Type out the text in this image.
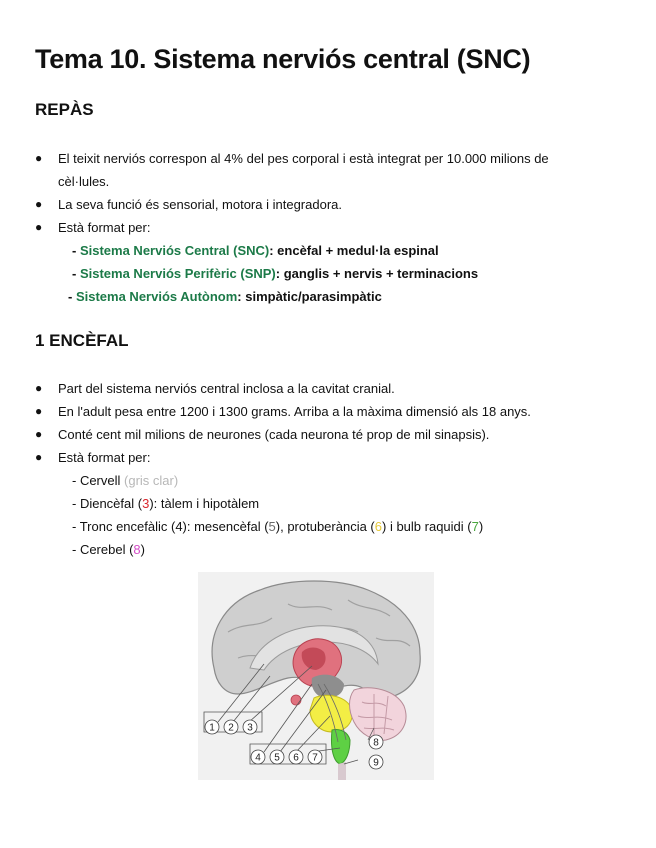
Tema 10. Sistema nerviós central (SNC)
REPÀS
● El teixit nerviós correspon al 4% del pes corporal i està integrat per 10.000 milions de cèl·lules.
● La seva funció és sensorial, motora i integradora.
● Està format per:
- Sistema Nerviós Central (SNC): encèfal + medul·la espinal
- Sistema Nerviós Perifèric (SNP): ganglis + nervis + terminacions
- Sistema Nerviós Autònom: simpàtic/parasimpàtic
1 ENCÈFAL
● Part del sistema nerviós central inclosa a la cavitat cranial.
● En l'adult pesa entre 1200 i 1300 grams. Arriba a la màxima dimensió als 18 anys.
● Conté cent mil milions de neurones (cada neurona té prop de mil sinapsis).
● Està format per:
- Cervell (gris clar)
- Diencèfal (3): tàlem i hipotàlem
- Tronc encefàlic (4): mesencèfal (5), protuberància (6) i bulb raquidi (7)
- Cerebel (8)
1 2 3
4 5 6 7
8
9
